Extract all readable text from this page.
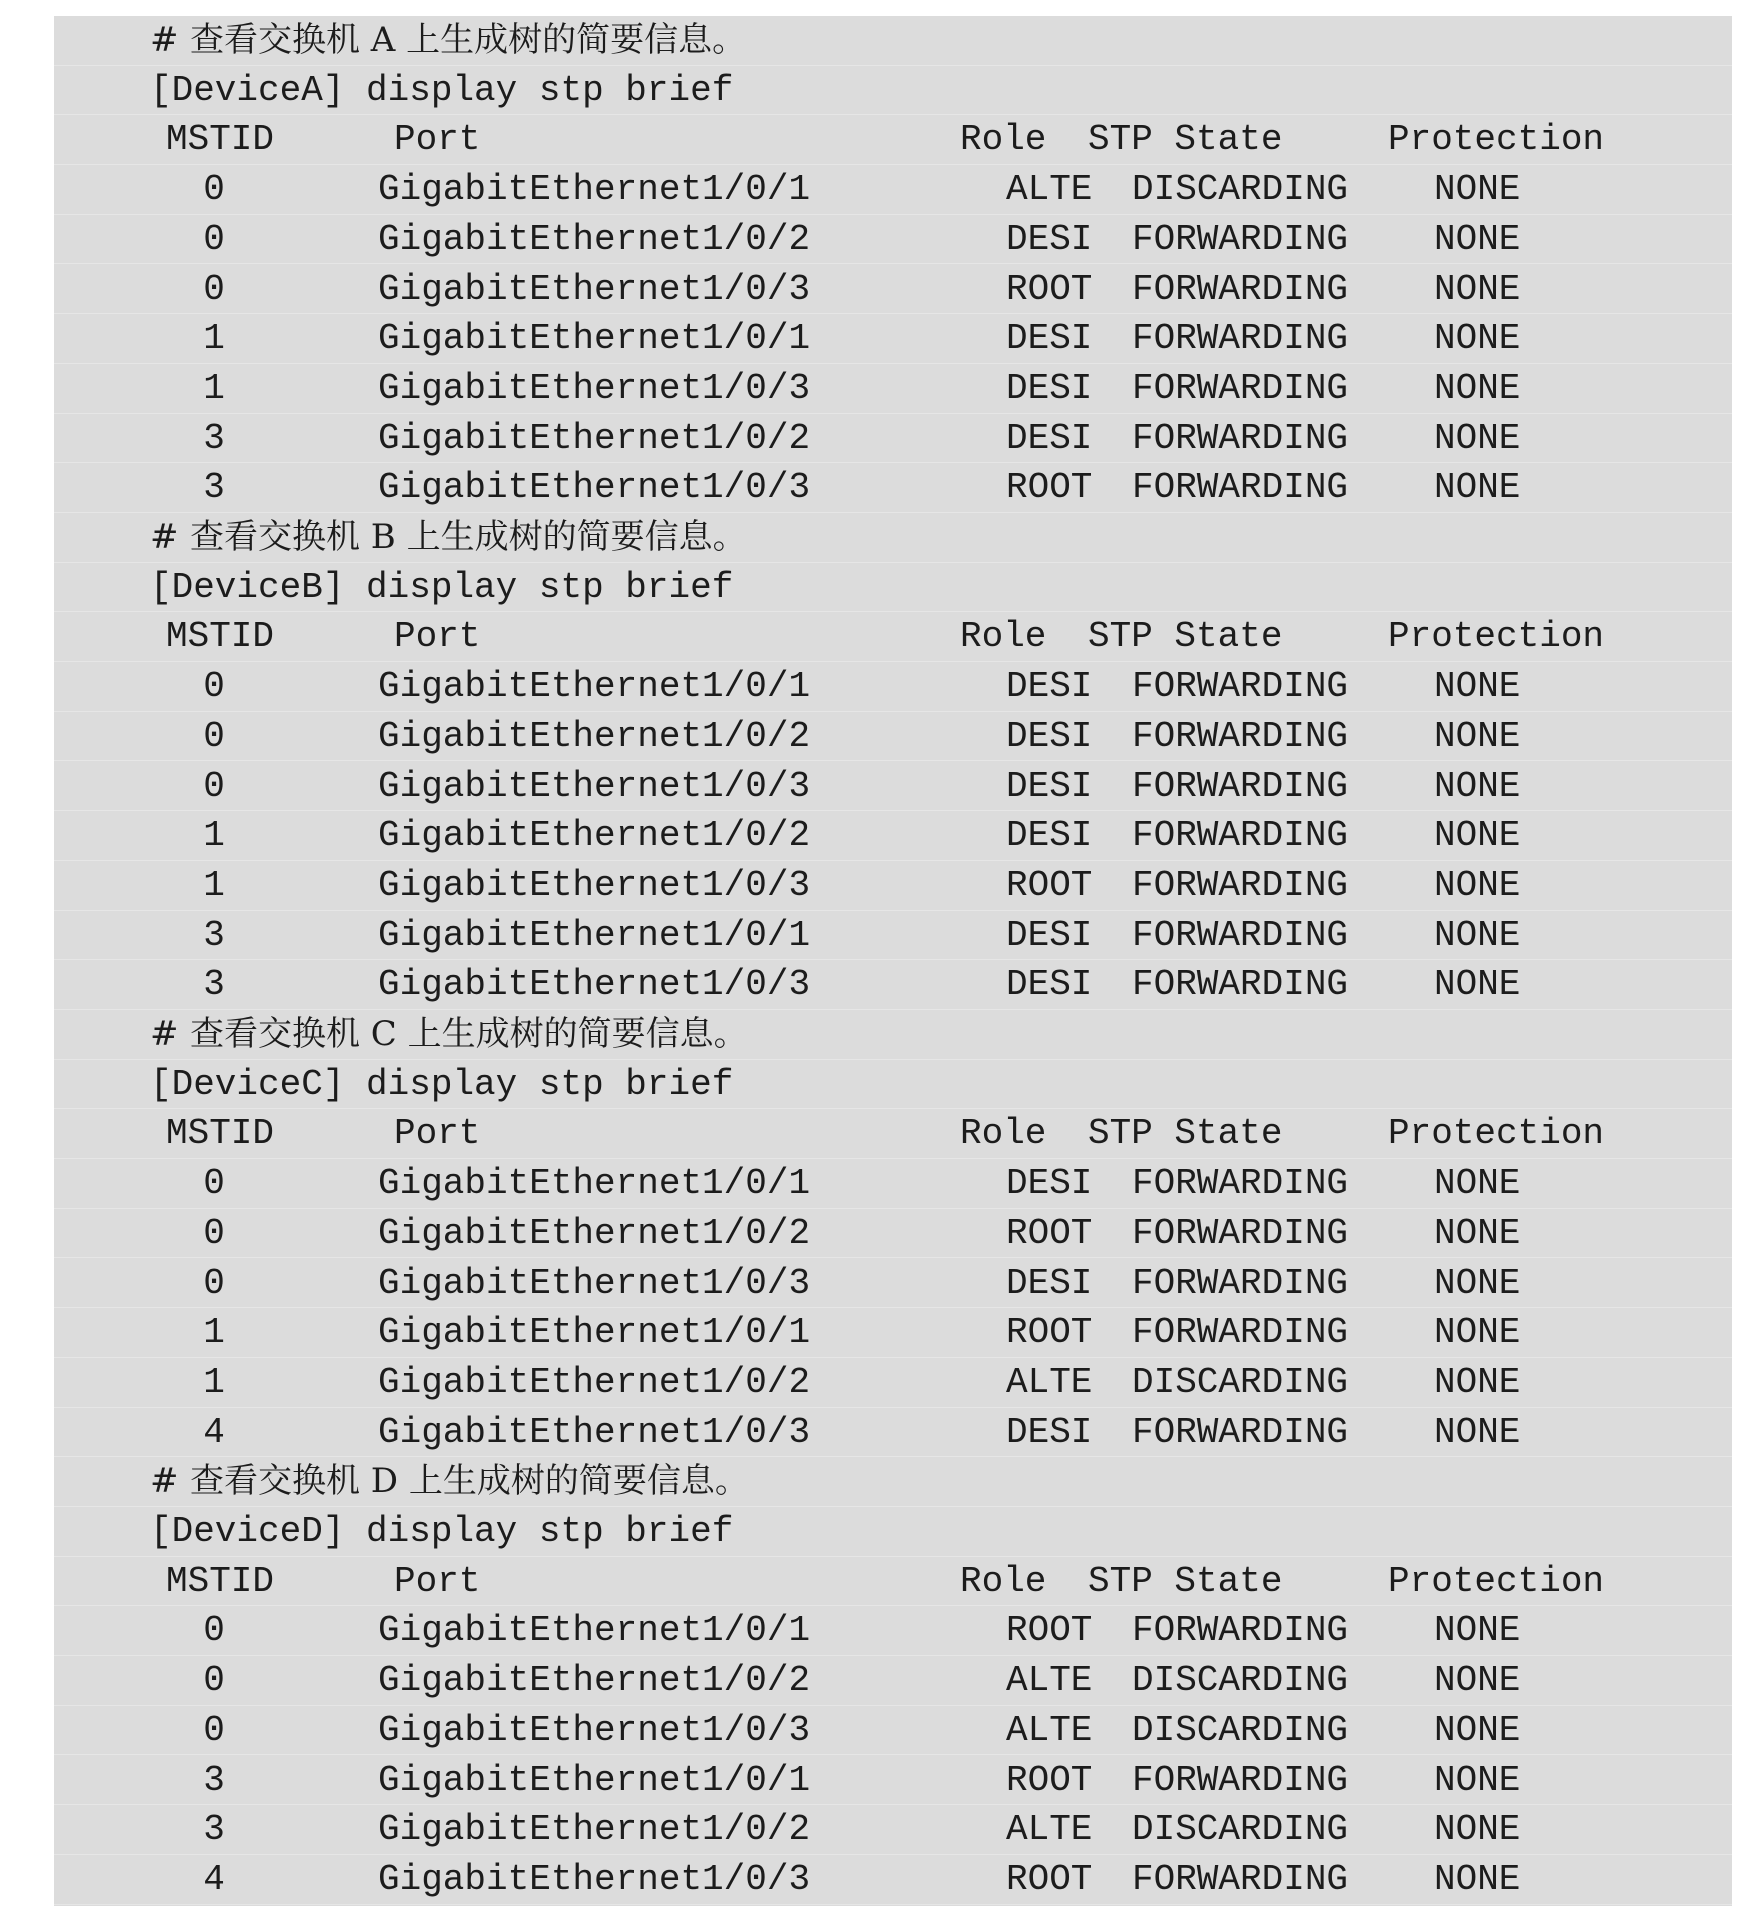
# 查看交换机 A 上生成树的简要信息。
[DeviceA] display stp brief
MSTID	Port	Role STP State	Protection
0	GigabitEthernet1/0/1	ALTE DISCARDING NONE
0	GigabitEthernet1/0/2	DESI FORWARDING NONE
0	GigabitEthernet1/0/3	ROOT FORWARDING NONE
1	GigabitEthernet1/0/1	DESI FORWARDING NONE
1	GigabitEthernet1/0/3	DESI FORWARDING NONE
3	GigabitEthernet1/0/2	DESI FORWARDING NONE
3	GigabitEthernet1/0/3	ROOT FORWARDING NONE
# 查看交换机 B 上生成树的简要信息。
[DeviceB] display stp brief
MSTID	Port	Role STP State	Protection
0	GigabitEthernet1/0/1	DESI FORWARDING NONE
0	GigabitEthernet1/0/2	DESI FORWARDING NONE
0	GigabitEthernet1/0/3	DESI FORWARDING NONE
1	GigabitEthernet1/0/2	DESI FORWARDING NONE
1	GigabitEthernet1/0/3	ROOT FORWARDING NONE
3	GigabitEthernet1/0/1	DESI FORWARDING NONE
3	GigabitEthernet1/0/3	DESI FORWARDING NONE
# 查看交换机 C 上生成树的简要信息。
[DeviceC] display stp brief
MSTID	Port	Role STP State	Protection
0	GigabitEthernet1/0/1	DESI FORWARDING NONE
0	GigabitEthernet1/0/2	ROOT FORWARDING NONE
0	GigabitEthernet1/0/3	DESI FORWARDING NONE
1	GigabitEthernet1/0/1	ROOT FORWARDING NONE
1	GigabitEthernet1/0/2	ALTE DISCARDING NONE
4	GigabitEthernet1/0/3	DESI FORWARDING NONE
# 查看交换机 D 上生成树的简要信息。
[DeviceD] display stp brief
MSTID	Port	Role STP State	Protection
0	GigabitEthernet1/0/1	ROOT FORWARDING NONE
0	GigabitEthernet1/0/2	ALTE DISCARDING NONE
0	GigabitEthernet1/0/3	ALTE DISCARDING NONE
3	GigabitEthernet1/0/1	ROOT FORWARDING NONE
3	GigabitEthernet1/0/2	ALTE DISCARDING NONE
4	GigabitEthernet1/0/3	ROOT FORWARDING NONE
